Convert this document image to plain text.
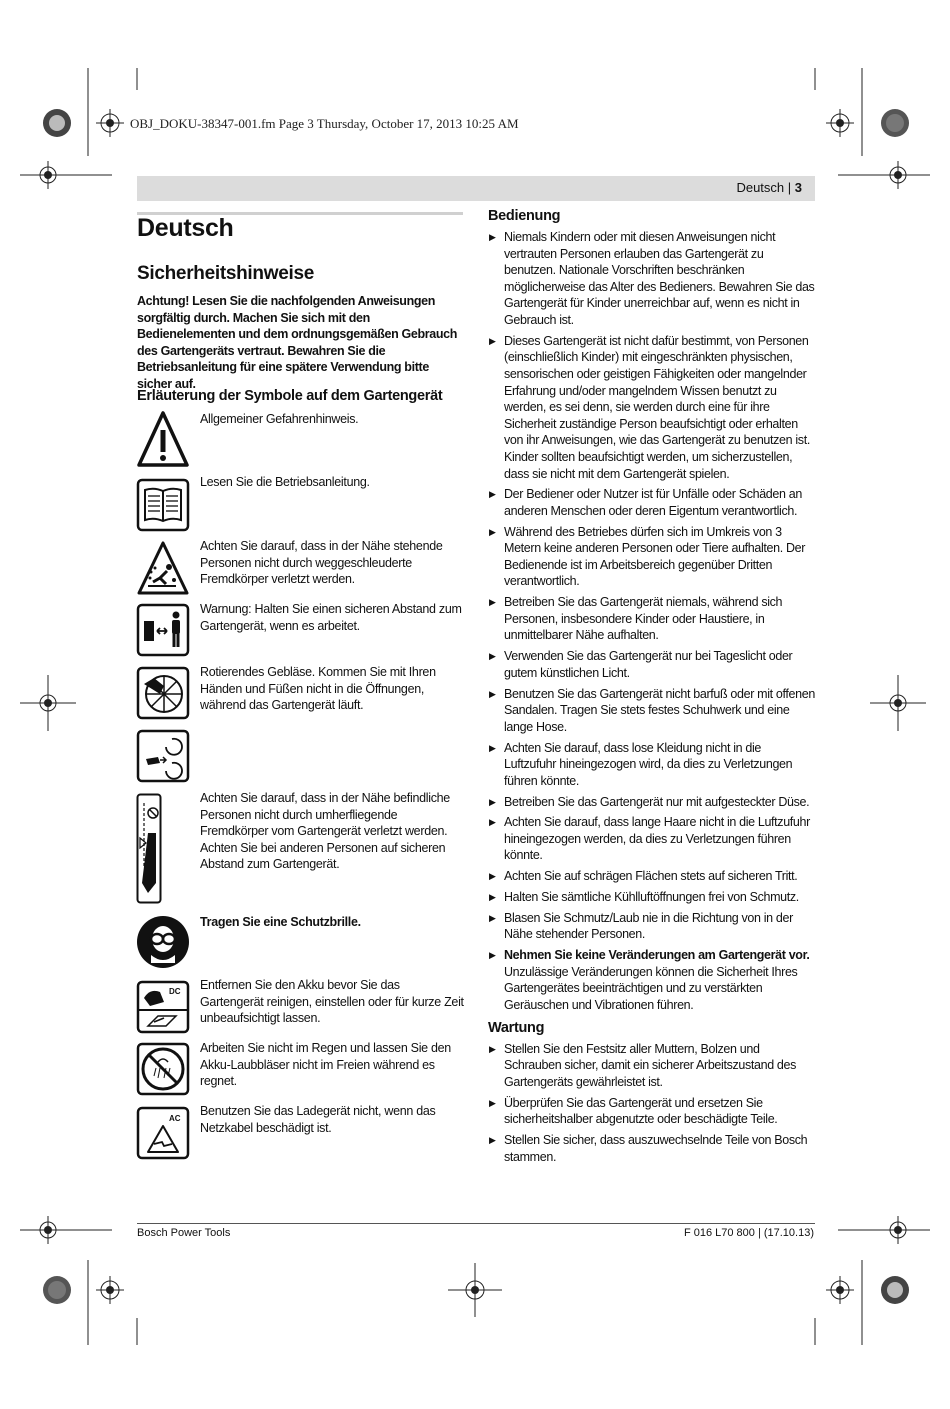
OBJ_DOKU-38347-001.fm Page 3 Thursday, October 17, 2013 10:25 AM
Deutsch | 3
Deutsch
Sicherheitshinweise
Achtung! Lesen Sie die nachfolgenden Anweisungen sorgfältig durch. Machen Sie sich mit den Bedienelementen und dem ordnungsgemäßen Gebrauch des Gartengeräts vertraut. Bewahren Sie die Betriebsanleitung für eine spätere Verwendung bitte sicher auf.
Erläuterung der Symbole auf dem Gartengerät
Allgemeiner Gefahrenhinweis.
Lesen Sie die Betriebsanleitung.
Achten Sie darauf, dass in der Nähe stehende Personen nicht durch weggeschleuderte Fremdkörper verletzt werden.
Warnung: Halten Sie einen sicheren Abstand zum Gartengerät, wenn es arbeitet.
Rotierendes Gebläse. Kommen Sie mit Ihren Händen und Füßen nicht in die Öffnungen, während das Gartengerät läuft.
Achten Sie darauf, dass in der Nähe befindliche Personen nicht durch umherfliegende Fremdkörper vom Gartengerät verletzt werden. Achten Sie bei anderen Personen auf sicheren Abstand zum Gartengerät.
Tragen Sie eine Schutzbrille.
Entfernen Sie den Akku bevor Sie das Gartengerät reinigen, einstellen oder für kurze Zeit unbeaufsichtigt lassen.
Arbeiten Sie nicht im Regen und lassen Sie den Akku-Laubbläser nicht im Freien während es regnet.
Benutzen Sie das Ladegerät nicht, wenn das Netzkabel beschädigt ist.
DC
AC
Bedienung
▶ Niemals Kindern oder mit diesen Anweisungen nicht vertrauten Personen erlauben das Gartengerät zu benutzen. Nationale Vorschriften beschränken möglicherweise das Alter des Bedieners. Bewahren Sie das Gartengerät für Kinder unerreichbar auf, wenn es nicht in Gebrauch ist.
▶ Dieses Gartengerät ist nicht dafür bestimmt, von Personen (einschließlich Kinder) mit eingeschränkten physischen, sensorischen oder geistigen Fähigkeiten oder mangelnder Erfahrung und/oder mangelndem Wissen benutzt zu werden, es sei denn, sie werden durch eine für ihre Sicherheit zuständige Person beaufsichtigt oder erhalten von ihr Anweisungen, wie das Gartengerät zu benutzen ist.
Kinder sollten beaufsichtigt werden, um sicherzustellen, dass sie nicht mit dem Gartengerät spielen.
▶ Der Bediener oder Nutzer ist für Unfälle oder Schäden an anderen Menschen oder deren Eigentum verantwortlich.
▶ Während des Betriebes dürfen sich im Umkreis von 3 Metern keine anderen Personen oder Tiere aufhalten. Der Bedienende ist im Arbeitsbereich gegenüber Dritten verantwortlich.
▶ Betreiben Sie das Gartengerät niemals, während sich Personen, insbesondere Kinder oder Haustiere, in unmittelbarer Nähe aufhalten.
▶ Verwenden Sie das Gartengerät nur bei Tageslicht oder gutem künstlichen Licht.
▶ Benutzen Sie das Gartengerät nicht barfuß oder mit offenen Sandalen. Tragen Sie stets festes Schuhwerk und eine lange Hose.
▶ Achten Sie darauf, dass lose Kleidung nicht in die Luftzufuhr hineingezogen wird, da dies zu Verletzungen führen könnte.
▶ Betreiben Sie das Gartengerät nur mit aufgesteckter Düse.
▶ Achten Sie darauf, dass lange Haare nicht in die Luftzufuhr hineingezogen werden, da dies zu Verletzungen führen könnte.
▶ Achten Sie auf schrägen Flächen stets auf sicheren Tritt.
▶ Halten Sie sämtliche Kühlluftöffnungen frei von Schmutz.
▶ Blasen Sie Schmutz/Laub nie in die Richtung von in der Nähe stehender Personen.
▶ Nehmen Sie keine Veränderungen am Gartengerät vor. Unzulässige Veränderungen können die Sicherheit Ihres Gartengerätes beeinträchtigen und zu verstärkten Geräuschen und Vibrationen führen.
Wartung
▶ Stellen Sie den Festsitz aller Muttern, Bolzen und Schrauben sicher, damit ein sicherer Arbeitszustand des Gartengeräts gewährleistet ist.
▶ Überprüfen Sie das Gartengerät und ersetzen Sie sicherheitshalber abgenutzte oder beschädigte Teile.
▶ Stellen Sie sicher, dass auszuwechselnde Teile von Bosch stammen.
Bosch Power Tools	F 016 L70 800 | (17.10.13)
